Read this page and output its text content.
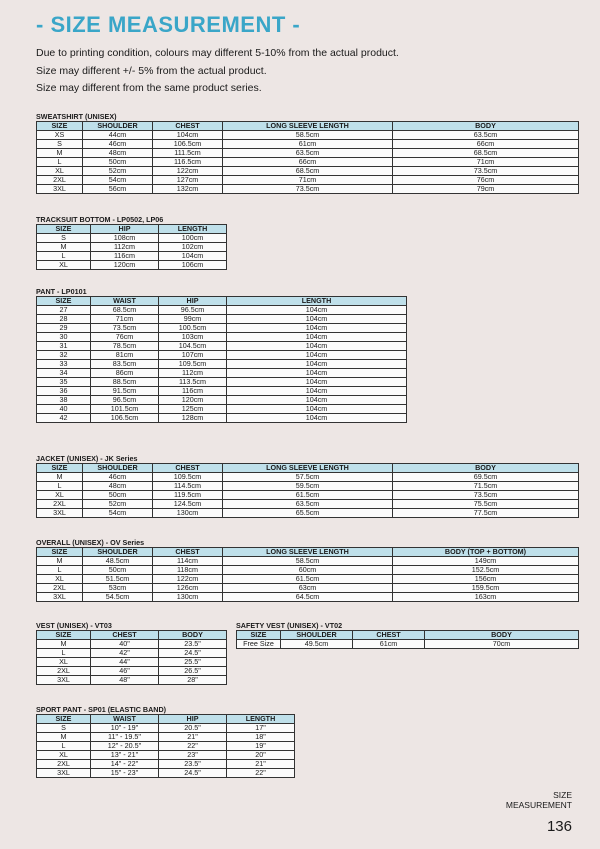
- SIZE MEASUREMENT -
Due to printing condition, colours may different 5-10% from the actual product.
Size may different +/- 5% from the actual product.
Size may different from the same product series.
SWEATSHIRT (UNISEX)
SIZE	SHOULDER	CHEST	LONG SLEEVE LENGTH	BODY
XS	44cm	104cm	58.5cm	63.5cm
S	46cm	106.5cm	61cm	66cm
M	48cm	111.5cm	63.5cm	68.5cm
L	50cm	116.5cm	66cm	71cm
XL	52cm	122cm	68.5cm	73.5cm
2XL	54cm	127cm	71cm	76cm
3XL	56cm	132cm	73.5cm	79cm
TRACKSUIT BOTTOM - LP0502, LP06
SIZE	HIP	LENGTH
S	108cm	100cm
M	112cm	102cm
L	116cm	104cm
XL	120cm	106cm
PANT - LP0101
SIZE	WAIST	HIP	LENGTH
27	68.5cm	96.5cm	104cm
28	71cm	99cm	104cm
29	73.5cm	100.5cm	104cm
30	76cm	103cm	104cm
31	78.5cm	104.5cm	104cm
32	81cm	107cm	104cm
33	83.5cm	109.5cm	104cm
34	86cm	112cm	104cm
35	88.5cm	113.5cm	104cm
36	91.5cm	116cm	104cm
38	96.5cm	120cm	104cm
40	101.5cm	125cm	104cm
42	106.5cm	128cm	104cm
JACKET (UNISEX) - JK Series
SIZE	SHOULDER	CHEST	LONG SLEEVE LENGTH	BODY
M	46cm	109.5cm	57.5cm	69.5cm
L	48cm	114.5cm	59.5cm	71.5cm
XL	50cm	119.5cm	61.5cm	73.5cm
2XL	52cm	124.5cm	63.5cm	75.5cm
3XL	54cm	130cm	65.5cm	77.5cm
OVERALL (UNISEX) - OV Series
SIZE	SHOULDER	CHEST	LONG SLEEVE LENGTH	BODY (TOP + BOTTOM)
M	48.5cm	114cm	58.5cm	149cm
L	50cm	118cm	60cm	152.5cm
XL	51.5cm	122cm	61.5cm	156cm
2XL	53cm	126cm	63cm	159.5cm
3XL	54.5cm	130cm	64.5cm	163cm
VEST (UNISEX) - VT03
SIZE	CHEST	BODY
M	40"	23.5"
L	42"	24.5"
XL	44"	25.5"
2XL	46"	26.5"
3XL	48"	28"
SAFETY VEST (UNISEX) - VT02
SIZE	SHOULDER	CHEST	BODY
Free Size	49.5cm	61cm	70cm
SPORT PANT - SP01 (ELASTIC BAND)
SIZE	WAIST	HIP	LENGTH
S	10" - 19"	20.5"	17"
M	11" - 19.5"	21"	18"
L	12" - 20.5"	22"	19"
XL	13" - 21"	23"	20"
2XL	14" - 22"	23.5"	21"
3XL	15" - 23"	24.5"	22"
SIZE
MEASUREMENT
136
